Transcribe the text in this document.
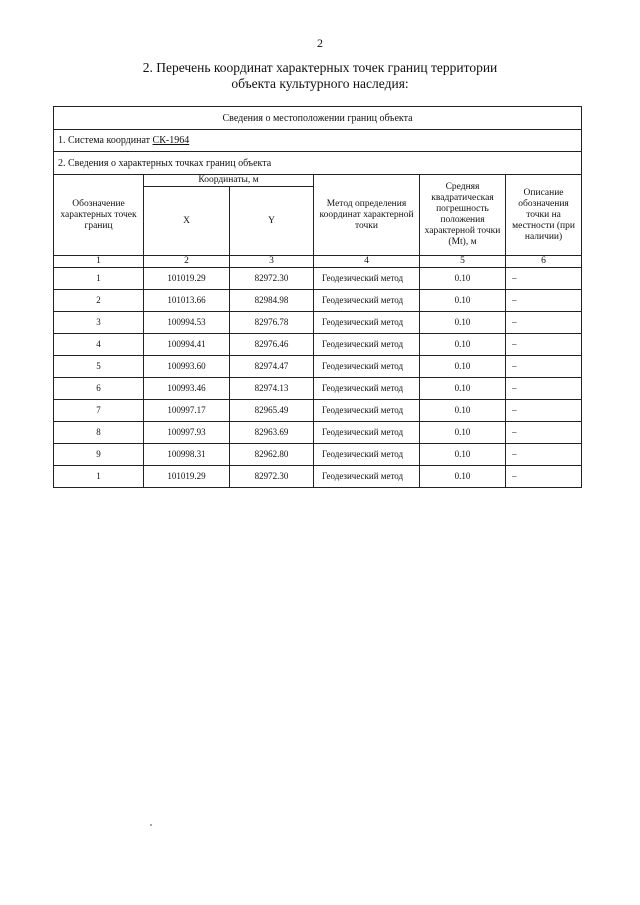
2
2. Перечень координат характерных точек границ территории
объекта культурного наследия:
Сведения о местоположении границ объекта					
1. Система координат СК-1964					
2. Сведения о характерных точках границ объекта					
Обозначение характерных точек границ	Координаты, м		Метод определения координат характерной точки	Средняя квадратическая погрешность положения характерной точки (Mt), м	Описание обозначения точки на местности (при наличии)
	X	Y			
1	2	3	4	5	6
1	101019.29	82972.30	Геодезический метод	0.10	–
2	101013.66	82984.98	Геодезический метод	0.10	–
3	100994.53	82976.78	Геодезический метод	0.10	–
4	100994.41	82976.46	Геодезический метод	0.10	–
5	100993.60	82974.47	Геодезический метод	0.10	–
6	100993.46	82974.13	Геодезический метод	0.10	–
7	100997.17	82965.49	Геодезический метод	0.10	–
8	100997.93	82963.69	Геодезический метод	0.10	–
9	100998.31	82962.80	Геодезический метод	0.10	–
1	101019.29	82972.30	Геодезический метод	0.10	–
